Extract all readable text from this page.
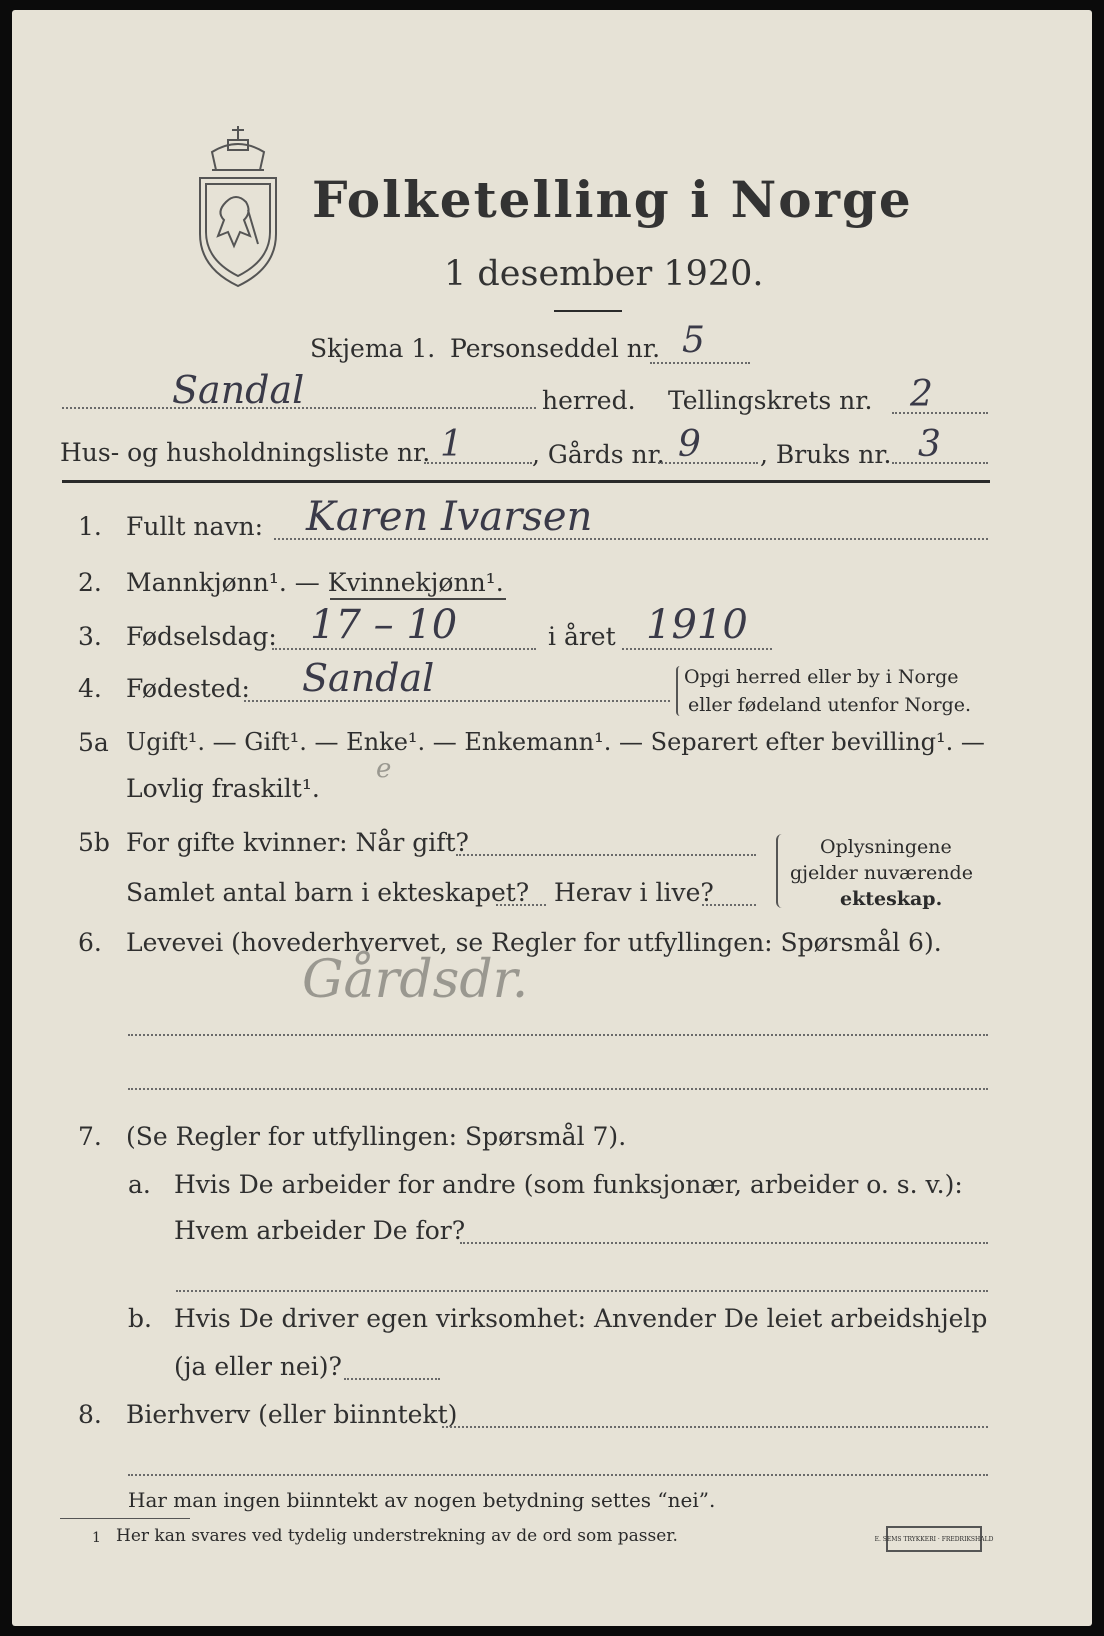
Folketelling i Norge
1 desember 1920.
Skjema 1. Personseddel nr. 5
Sandal	herred. Tellingskrets nr. 2
Hus- og husholdningsliste nr. 1	, Gårds nr. 9 , Bruks nr. 3
1. Fullt navn: Karen Ivarsen
2. Mannkjønn¹. — Kvinnekjønn¹.
3. Fødselsdag: 17 – 10	i året 1910
4. Fødested: Sandal	Opgi herred eller by i Norge
eller fødeland utenfor Norge.
5a Ugift¹. — Gift¹. — Enke¹. — Enkemann¹. — Separert efter bevilling¹. —
Lovlig fraskilt¹.
e
5b For gifte kvinner: Når gift?
Samlet antal barn i ekteskapet? Herav i live?
Oplysningene
gjelder nuværende
ekteskap.
6. Levevei (hovederhvervet, se Regler for utfyllingen: Spørsmål 6).
Gårdsdr.
7. (Se Regler for utfyllingen: Spørsmål 7).
a. Hvis De arbeider for andre (som funksjonær, arbeider o. s. v.):
Hvem arbeider De for?
b. Hvis De driver egen virksomhet: Anvender De leiet arbeidshjelp
(ja eller nei)?
8. Bierhverv (eller biinntekt)
Har man ingen biinntekt av nogen betydning settes “nei”.
1 Her kan svares ved tydelig understrekning av de ord som passer.	E. SEMS TRYKKERI · FREDRIKSHALD
